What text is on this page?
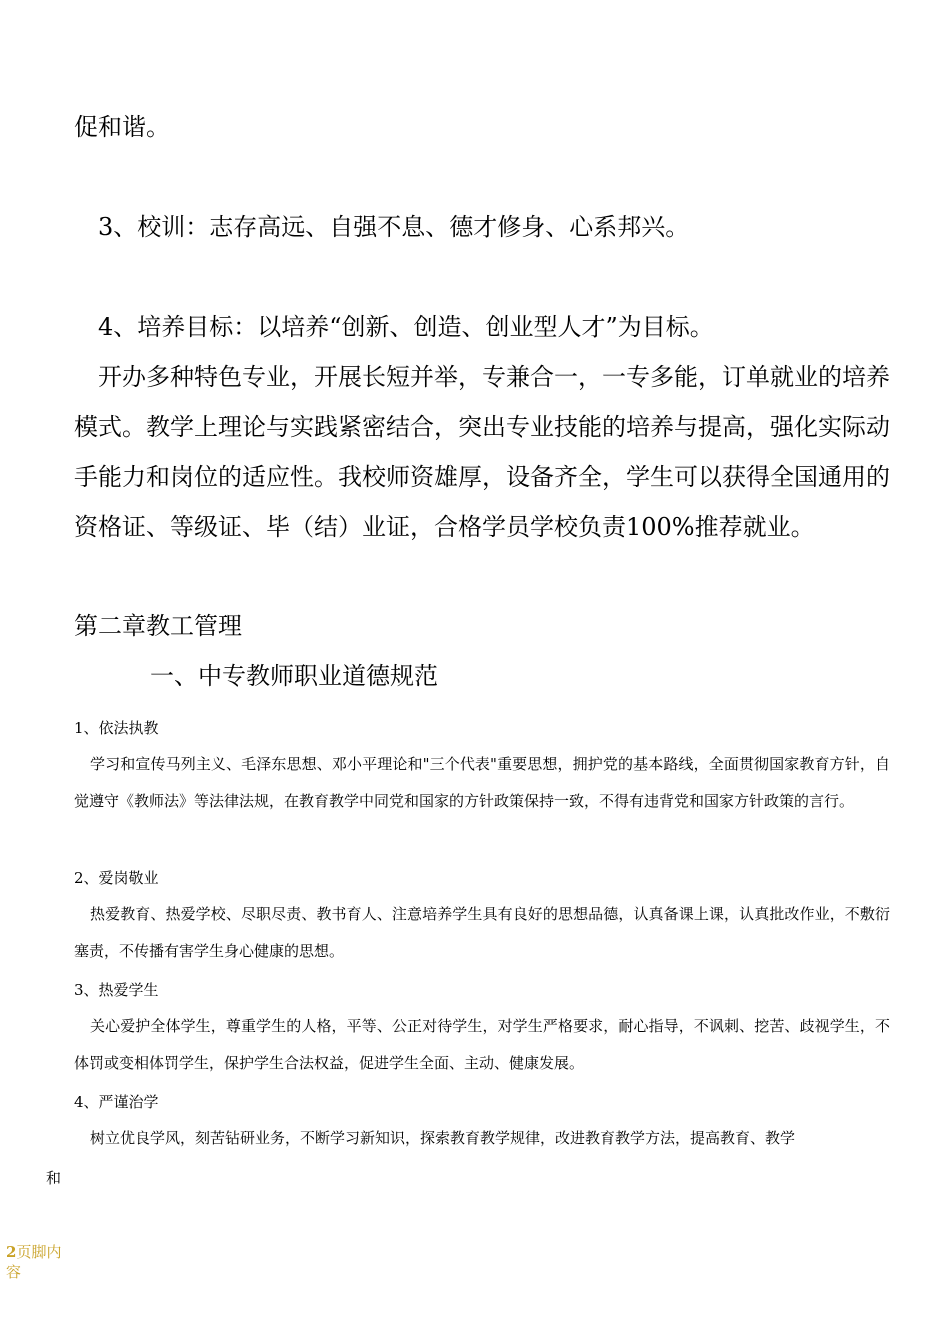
促和谐。

3、校训：志存高远、自强不息、德才修身、心系邦兴。

4、培养目标：以培养“创新、创造、创业型人才”为目标。

开办多种特色专业，开展长短并举，专兼合一，一专多能，订单就业的培养模式。教学上理论与实践紧密结合，突出专业技能的培养与提高，强化实际动手能力和岗位的适应性。我校师资雄厚，设备齐全，学生可以获得全国通用的资格证、等级证、毕（结）业证，合格学员学校负责100%推荐就业。

第二章教工管理

一、中专教师职业道德规范

1、依法执教

学习和宣传马列主义、毛泽东思想、邓小平理论和"三个代表"重要思想，拥护党的基本路线，全面贯彻国家教育方针，自觉遵守《教师法》等法律法规，在教育教学中同党和国家的方针政策保持一致，不得有违背党和国家方针政策的言行。

2、爱岗敬业

热爱教育、热爱学校、尽职尽责、教书育人、注意培养学生具有良好的思想品德，认真备课上课，认真批改作业，不敷衍塞责，不传播有害学生身心健康的思想。

3、热爱学生

关心爱护全体学生，尊重学生的人格，平等、公正对待学生，对学生严格要求，耐心指导，不讽刺、挖苦、歧视学生，不体罚或变相体罚学生，保护学生合法权益，促进学生全面、主动、健康发展。

4、严谨治学

树立优良学风，刻苦钻研业务，不断学习新知识，探索教育教学规律，改进教育教学方法，提高教育、教学

和

2页脚内容
